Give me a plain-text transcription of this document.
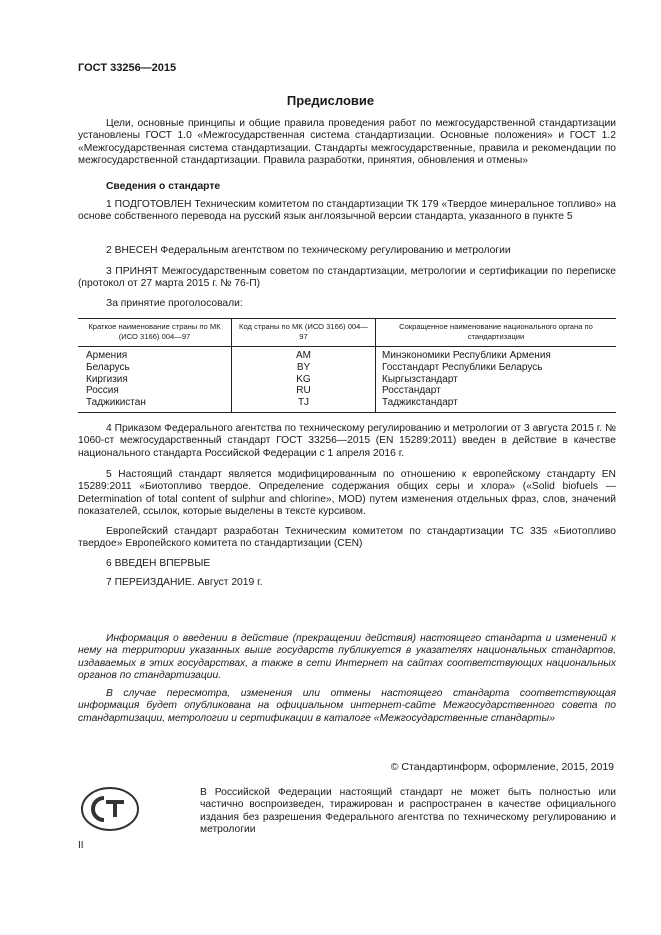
ГОСТ 33256—2015
Предисловие
Цели, основные принципы и общие правила проведения работ по межгосударственной стандартизации установлены ГОСТ 1.0 «Межгосударственная система стандартизации. Основные положения» и ГОСТ 1.2 «Межгосударственная система стандартизации. Стандарты межгосударственные, правила и рекомендации по межгосударственной стандартизации. Правила разработки, принятия, обновления и отмены»
Сведения о стандарте
1 ПОДГОТОВЛЕН Техническим комитетом по стандартизации ТК 179 «Твердое минеральное топливо» на основе собственного перевода на русский язык англоязычной версии стандарта, указанного в пункте 5
2 ВНЕСЕН Федеральным агентством по техническому регулированию и метрологии
3 ПРИНЯТ Межгосударственным советом по стандартизации, метрологии и сертификации по переписке (протокол от 27 марта 2015 г. № 76-П)
За принятие проголосовали:
Краткое наименование страны по МК (ИСО 3166) 004—97	Код страны по МК (ИСО 3166) 004—97	Сокращенное наименование национального органа по стандартизации
Армения	AM	Минэкономики Республики Армения
Беларусь	BY	Госстандарт Республики Беларусь
Киргизия	KG	Кыргызстандарт
Россия	RU	Росстандарт
Таджикистан	TJ	Таджикстандарт
4 Приказом Федерального агентства по техническому регулированию и метрологии от 3 августа 2015 г. № 1060-ст межгосударственный стандарт ГОСТ 33256—2015 (EN 15289:2011) введен в действие в качестве национального стандарта Российской Федерации с 1 апреля 2016 г.
5 Настоящий стандарт является модифицированным по отношению к европейскому стандарту EN 15289:2011 «Биотопливо твердое. Определение содержания общих серы и хлора» («Solid biofuels — Determination of total content of sulphur and chlorine», MOD) путем изменения отдельных фраз, слов, значений показателей, ссылок, которые выделены в тексте курсивом.
Европейский стандарт разработан Техническим комитетом по стандартизации TC 335 «Биотопливо твердое» Европейского комитета по стандартизации (CEN)
6 ВВЕДЕН ВПЕРВЫЕ
7 ПЕРЕИЗДАНИЕ. Август 2019 г.
Информация о введении в действие (прекращении действия) настоящего стандарта и изменений к нему на территории указанных выше государств публикуется в указателях национальных стандартов, издаваемых в этих государствах, а также в сети Интернет на сайтах соответствующих национальных органов по стандартизации.
В случае пересмотра, изменения или отмены настоящего стандарта соответствующая информация будет опубликована на официальном интернет-сайте Межгосударственного совета по стандартизации, метрологии и сертификации в каталоге «Межгосударственные стандарты»
© Стандартинформ, оформление, 2015, 2019
В Российской Федерации настоящий стандарт не может быть полностью или частично воспроизведен, тиражирован и распространен в качестве официального издания без разрешения Федерального агентства по техническому регулированию и метрологии
II
